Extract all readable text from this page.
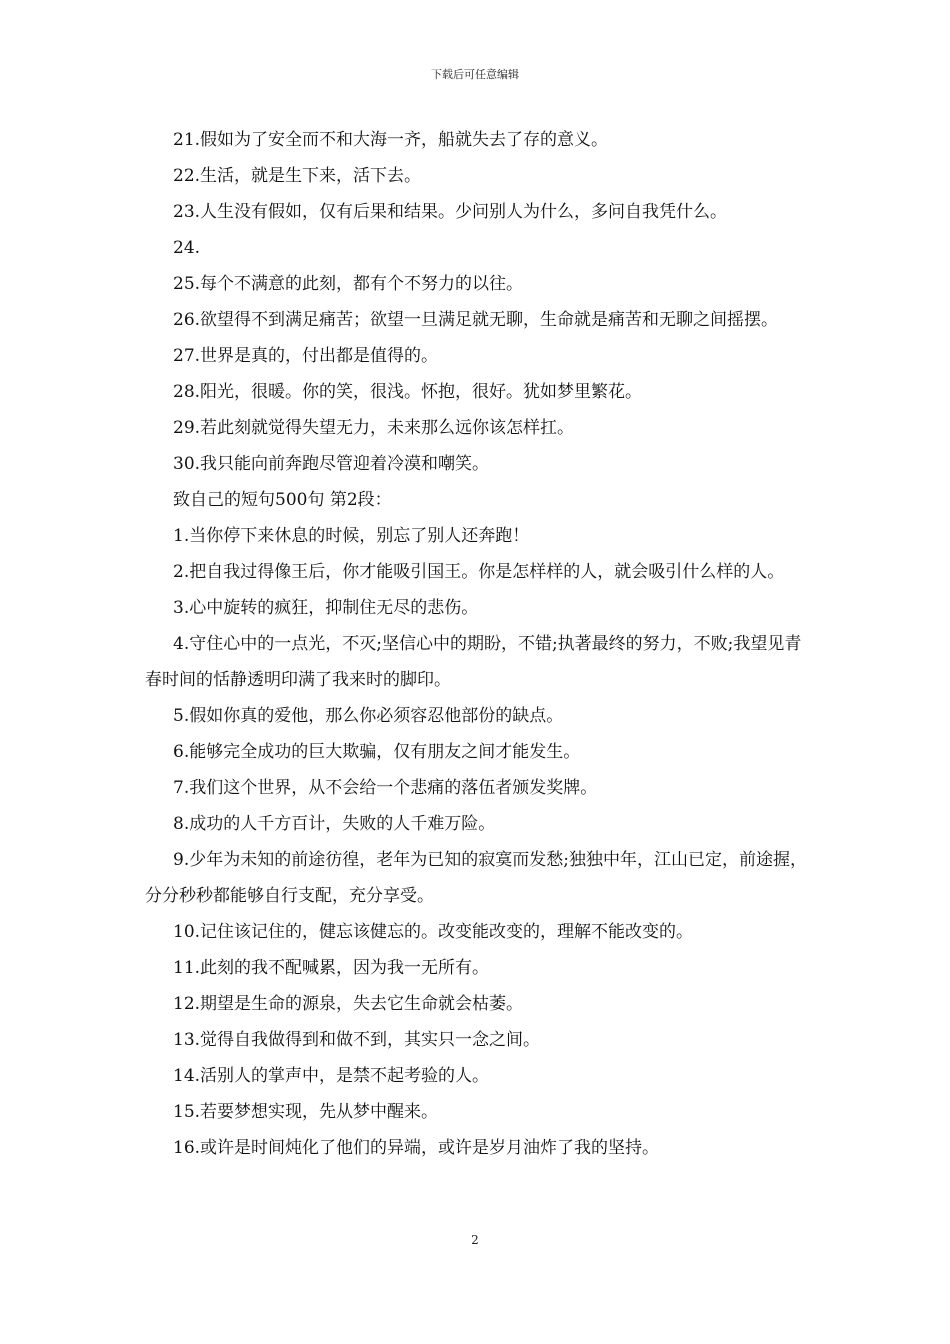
下载后可任意编辑

21.假如为了安全而不和大海一齐，船就失去了存的意义。

22.生活，就是生下来，活下去。

23.人生没有假如，仅有后果和结果。少问别人为什么，多问自我凭什么。

24.

25.每个不满意的此刻，都有个不努力的以往。

26.欲望得不到满足痛苦；欲望一旦满足就无聊，生命就是痛苦和无聊之间摇摆。

27.世界是真的，付出都是值得的。

28.阳光，很暖。你的笑，很浅。怀抱，很好。犹如梦里繁花。

29.若此刻就觉得失望无力，未来那么远你该怎样扛。

30.我只能向前奔跑尽管迎着冷漠和嘲笑。

致自己的短句500句 第2段：

1.当你停下来休息的时候，别忘了别人还奔跑！

2.把自我过得像王后，你才能吸引国王。你是怎样样的人，就会吸引什么样的人。

3.心中旋转的疯狂，抑制住无尽的悲伤。

4.守住心中的一点光，不灭;坚信心中的期盼，不错;执著最终的努力，不败;我望见青春时间的恬静透明印满了我来时的脚印。

5.假如你真的爱他，那么你必须容忍他部份的缺点。

6.能够完全成功的巨大欺骗，仅有朋友之间才能发生。

7.我们这个世界，从不会给一个悲痛的落伍者颁发奖牌。

8.成功的人千方百计，失败的人千难万险。

9.少年为未知的前途彷徨，老年为已知的寂寞而发愁;独独中年，江山已定，前途握，分分秒秒都能够自行支配，充分享受。

10.记住该记住的，健忘该健忘的。改变能改变的，理解不能改变的。

11.此刻的我不配喊累，因为我一无所有。

12.期望是生命的源泉，失去它生命就会枯萎。

13.觉得自我做得到和做不到，其实只一念之间。

14.活别人的掌声中，是禁不起考验的人。

15.若要梦想实现，先从梦中醒来。

16.或许是时间炖化了他们的异端，或许是岁月油炸了我的坚持。

2
